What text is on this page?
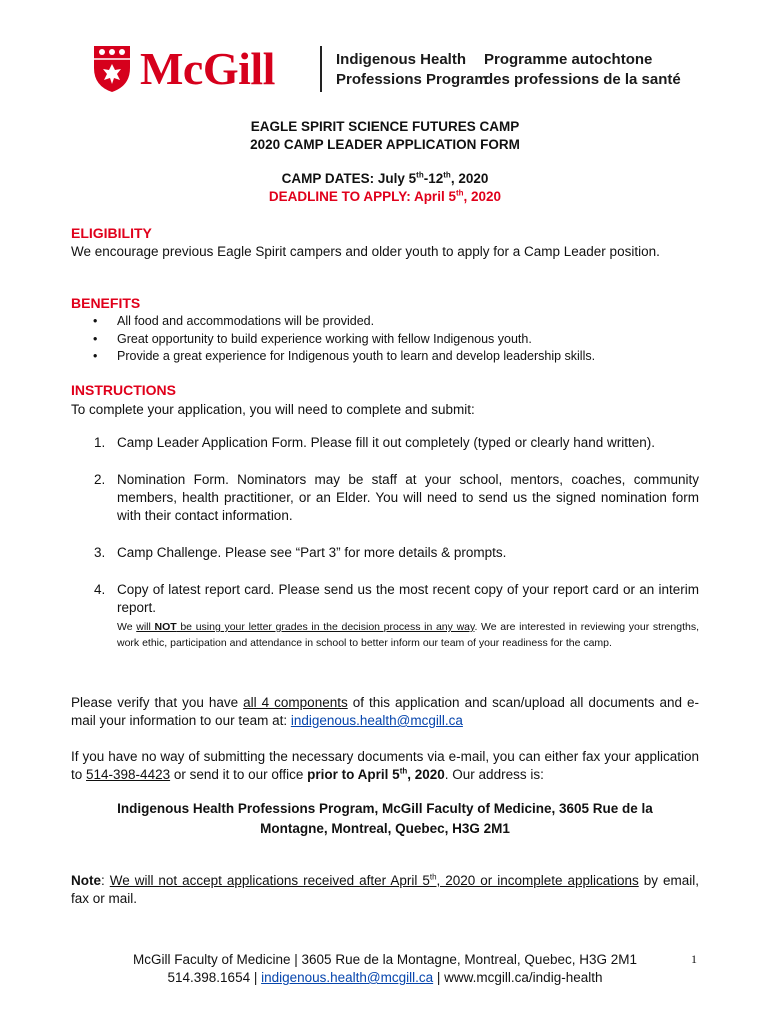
McGill	Indigenous Health
Professions Program
Programme autochtone
des professions de la santé
EAGLE SPIRIT SCIENCE FUTURES CAMP
2020 CAMP LEADER APPLICATION FORM
CAMP DATES: July 5th-12th, 2020
DEADLINE TO APPLY: April 5th, 2020
ELIGIBILITY
We encourage previous Eagle Spirit campers and older youth to apply for a Camp Leader position.
BENEFITS
• All food and accommodations will be provided.
• Great opportunity to build experience working with fellow Indigenous youth.
• Provide a great experience for Indigenous youth to learn and develop leadership skills.
INSTRUCTIONS
To complete your application, you will need to complete and submit:
1. Camp Leader Application Form. Please fill it out completely (typed or clearly hand written).
2. Nomination Form. Nominators may be staff at your school, mentors, coaches, community members, health practitioner, or an Elder. You will need to send us the signed nomination form with their contact information.
3. Camp Challenge. Please see “Part 3” for more details & prompts.
4. Copy of latest report card. Please send us the most recent copy of your report card or an interim report.
We will NOT be using your letter grades in the decision process in any way. We are interested in reviewing your strengths, work ethic, participation and attendance in school to better inform our team of your readiness for the camp.
Please verify that you have all 4 components of this application and scan/upload all documents and e-mail your information to our team at: indigenous.health@mcgill.ca
If you have no way of submitting the necessary documents via e-mail, you can either fax your application to 514-398-4423 or send it to our office prior to April 5th, 2020. Our address is:
Indigenous Health Professions Program, McGill Faculty of Medicine, 3605 Rue de la
Montagne, Montreal, Quebec, H3G 2M1
Note: We will not accept applications received after April 5th, 2020 or incomplete applications by email, fax or mail.
McGill Faculty of Medicine | 3605 Rue de la Montagne, Montreal, Quebec, H3G 2M1
514.398.1654 | indigenous.health@mcgill.ca | www.mcgill.ca/indig-health
1
